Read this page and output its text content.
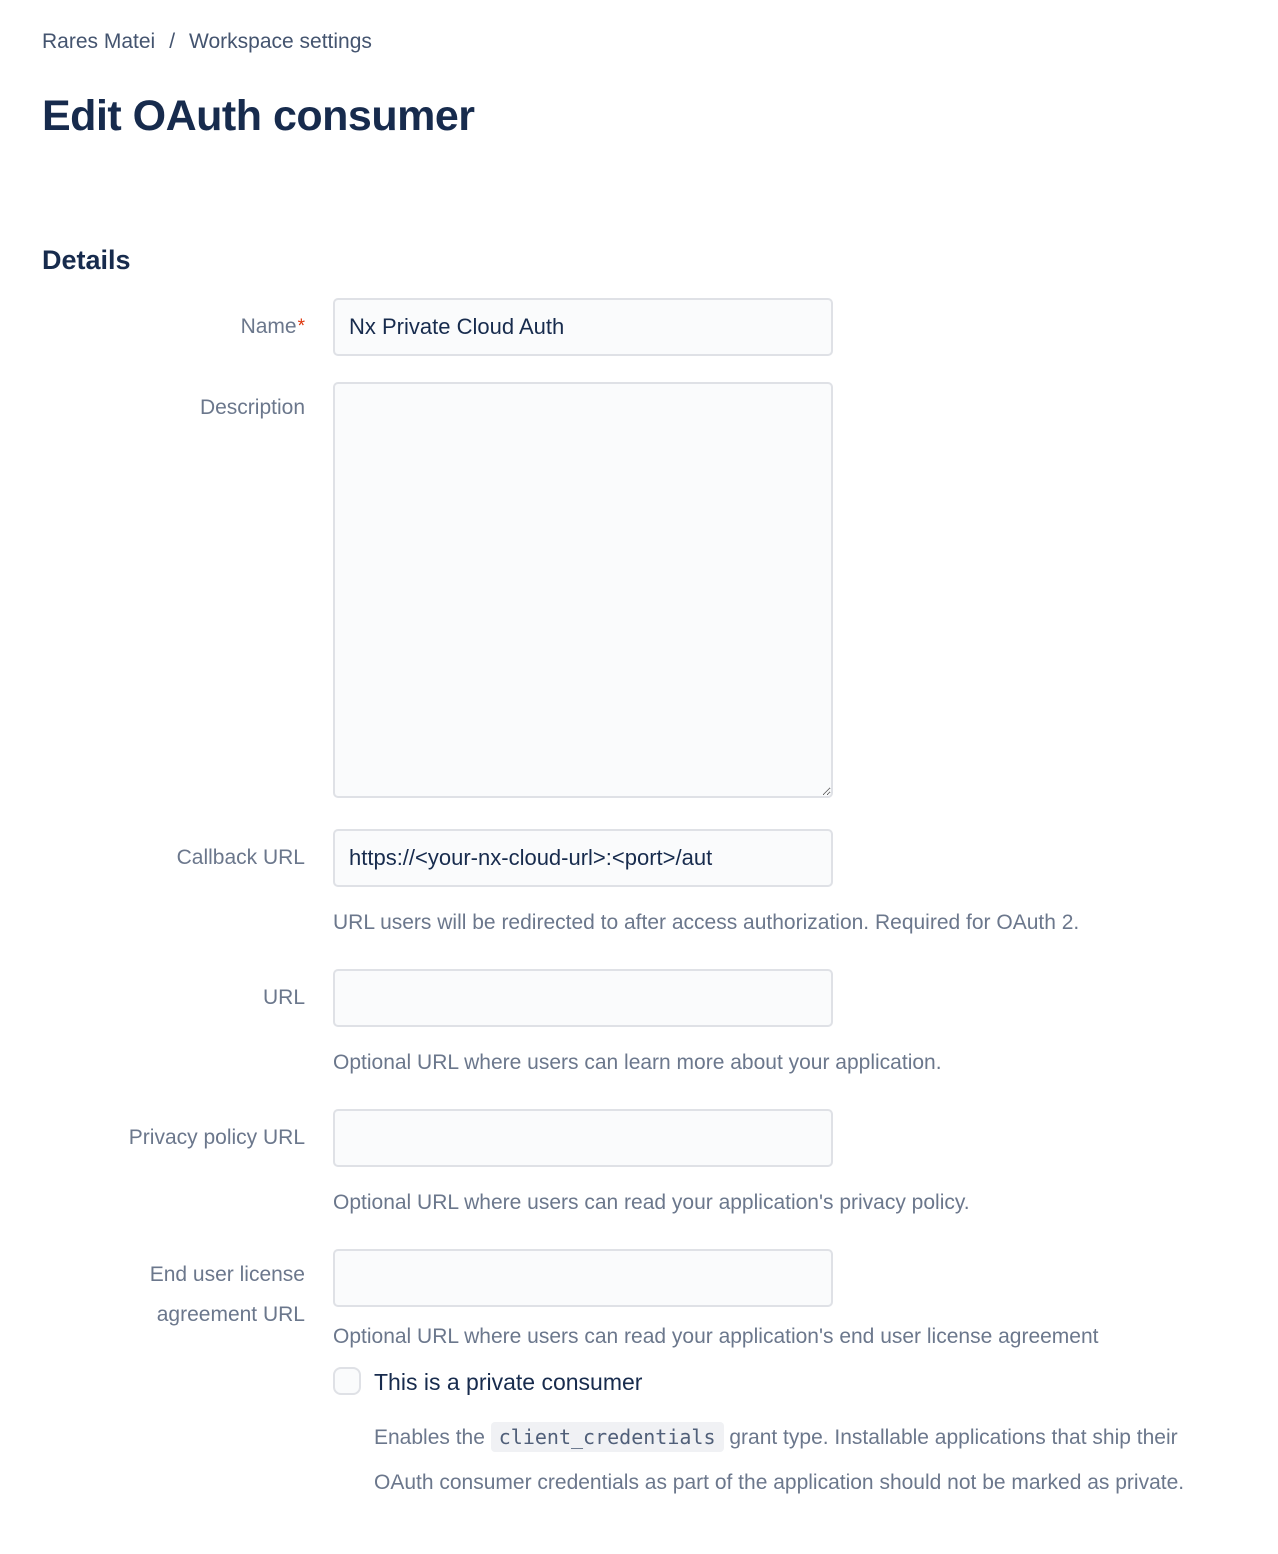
Rares Matei / Workspace settings
Edit OAuth consumer
Details
Name*
Nx Private Cloud Auth
Description
Callback URL
https://<your-nx-cloud-url>:<port>/aut
URL users will be redirected to after access authorization. Required for OAuth 2.
URL
Optional URL where users can learn more about your application.
Privacy policy URL
Optional URL where users can read your application's privacy policy.
End user license agreement URL
Optional URL where users can read your application's end user license agreement
This is a private consumer
Enables the client_credentials grant type. Installable applications that ship their OAuth consumer credentials as part of the application should not be marked as private.
